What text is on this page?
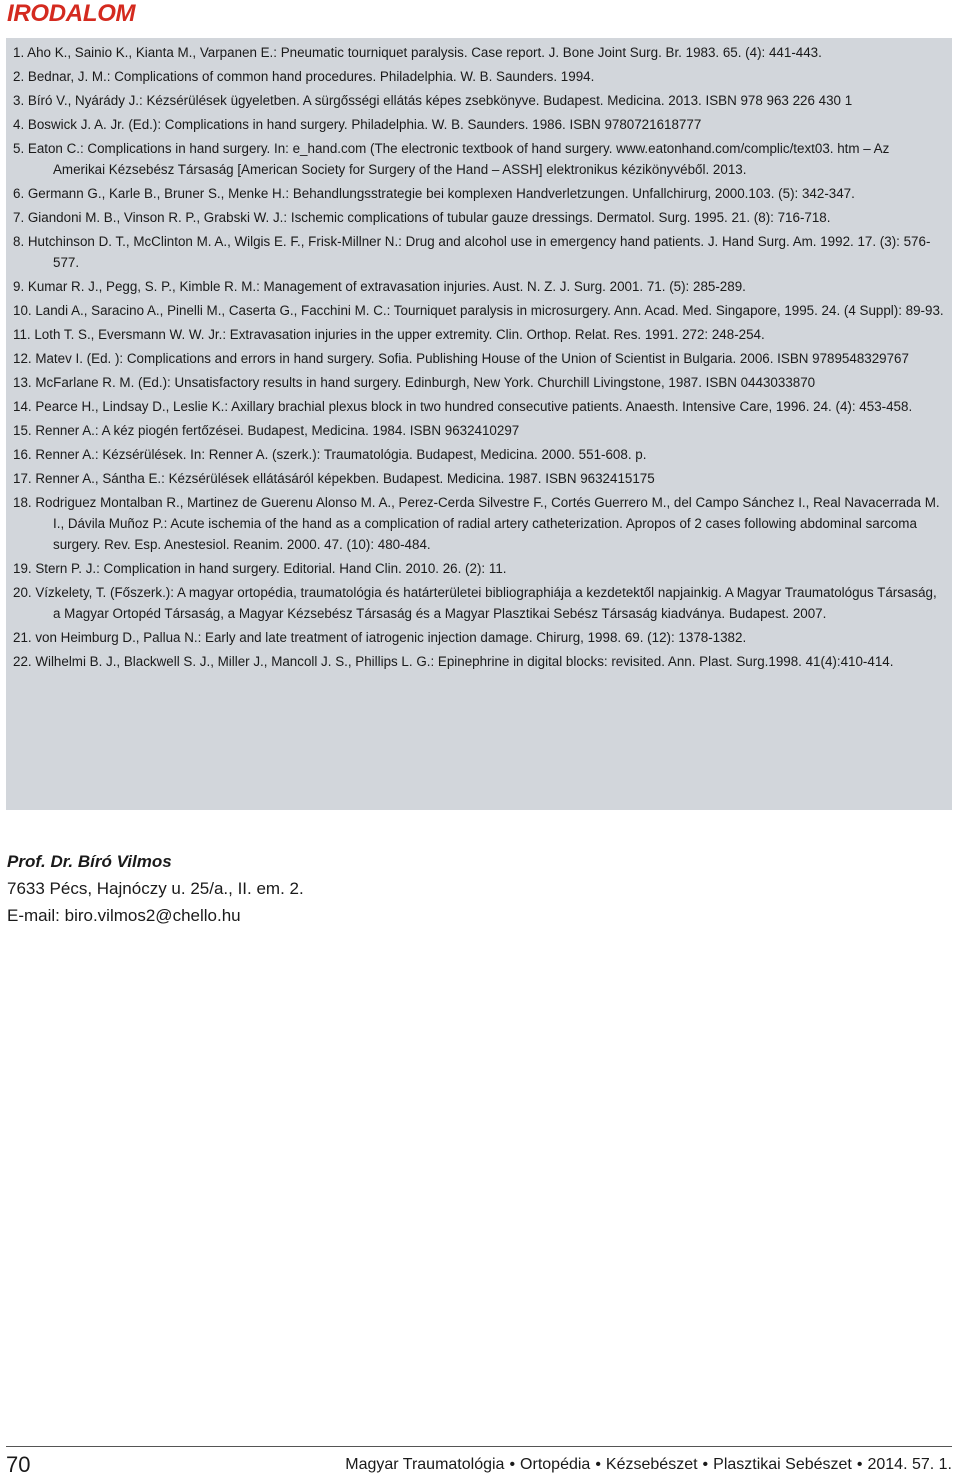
IRODALOM

1. Aho K., Sainio K., Kianta M., Varpanen E.: Pneumatic tourniquet paralysis. Case report. J. Bone Joint Surg. Br. 1983. 65. (4): 441-443.

2. Bednar, J. M.: Complications of common hand procedures. Philadelphia. W. B. Saunders. 1994.

3. Bíró V., Nyárády J.: Kézsérülések ügyeletben. A sürgősségi ellátás képes zsebkönyve. Budapest. Medicina. 2013. ISBN 978 963 226 430 1

4. Boswick J. A. Jr. (Ed.): Complications in hand surgery. Philadelphia. W. B. Saunders. 1986. ISBN 9780721618777

5. Eaton C.: Complications in hand surgery. In: e_hand.com (The electronic textbook of hand surgery. www.eatonhand.com/complic/text03. htm – Az Amerikai Kézsebész Társaság [American Society for Surgery of the Hand – ASSH] elektronikus kézikönyvéből. 2013.

6. Germann G., Karle B., Bruner S., Menke H.: Behandlungsstrategie bei komplexen Handverletzungen. Unfallchirurg, 2000.103. (5): 342-347.

7. Giandoni M. B., Vinson R. P., Grabski W. J.: Ischemic complications of tubular gauze dressings. Dermatol. Surg. 1995. 21. (8): 716-718.

8. Hutchinson D. T., McClinton M. A., Wilgis E. F., Frisk-Millner N.: Drug and alcohol use in emergency hand patients. J. Hand Surg. Am. 1992. 17. (3): 576-577.

9. Kumar R. J., Pegg, S. P., Kimble R. M.: Management of extravasation injuries. Aust. N. Z. J. Surg. 2001. 71. (5): 285-289.

10. Landi A., Saracino A., Pinelli M., Caserta G., Facchini M. C.: Tourniquet paralysis in microsurgery. Ann. Acad. Med. Singapore, 1995. 24. (4 Suppl): 89-93.

11. Loth T. S., Eversmann W. W. Jr.: Extravasation injuries in the upper extremity. Clin. Orthop. Relat. Res. 1991. 272: 248-254.

12. Matev I. (Ed. ): Complications and errors in hand surgery. Sofia. Publishing House of the Union of Scientist in Bulgaria. 2006. ISBN 9789548329767

13. McFarlane R. M. (Ed.): Unsatisfactory results in hand surgery. Edinburgh, New York. Churchill Livingstone, 1987. ISBN 0443033870

14. Pearce H., Lindsay D., Leslie K.: Axillary brachial plexus block in two hundred consecutive patients. Anaesth. Intensive Care, 1996. 24. (4): 453-458.

15. Renner A.: A kéz piogén fertőzései. Budapest, Medicina. 1984. ISBN 9632410297

16. Renner A.: Kézsérülések. In: Renner A. (szerk.): Traumatológia. Budapest, Medicina. 2000. 551-608. p.

17. Renner A., Sántha E.: Kézsérülések ellátásáról képekben. Budapest. Medicina. 1987. ISBN 9632415175

18. Rodriguez Montalban R., Martinez de Guerenu Alonso M. A., Perez-Cerda Silvestre F., Cortés Guerrero M., del Campo Sánchez I., Real Navacerrada M. I., Dávila Muñoz P.: Acute ischemia of the hand as a complication of radial artery catheterization. Apropos of 2 cases following abdominal sarcoma surgery. Rev. Esp. Anestesiol. Reanim. 2000. 47. (10): 480-484.

19. Stern P. J.: Complication in hand surgery. Editorial. Hand Clin. 2010. 26. (2): 11.

20. Vízkelety, T. (Főszerk.): A magyar ortopédia, traumatológia és határterületei bibliographiája a kezdetektől napjainkig. A Magyar Traumatológus Társaság, a Magyar Ortopéd Társaság, a Magyar Kézsebész Társaság és a Magyar Plasztikai Sebész Társaság kiadványa. Budapest. 2007.

21. von Heimburg D., Pallua N.: Early and late treatment of iatrogenic injection damage. Chirurg, 1998. 69. (12): 1378-1382.

22. Wilhelmi B. J., Blackwell S. J., Miller J., Mancoll J. S., Phillips L. G.: Epinephrine in digital blocks: revisited. Ann. Plast. Surg.1998. 41(4):410-414.

Prof. Dr. Bíró Vilmos
7633 Pécs, Hajnóczy u. 25/a., II. em. 2.
E-mail: biro.vilmos2@chello.hu
70	Magyar Traumatológia • Ortopédia • Kézsebészet • Plasztikai Sebészet • 2014. 57. 1.
